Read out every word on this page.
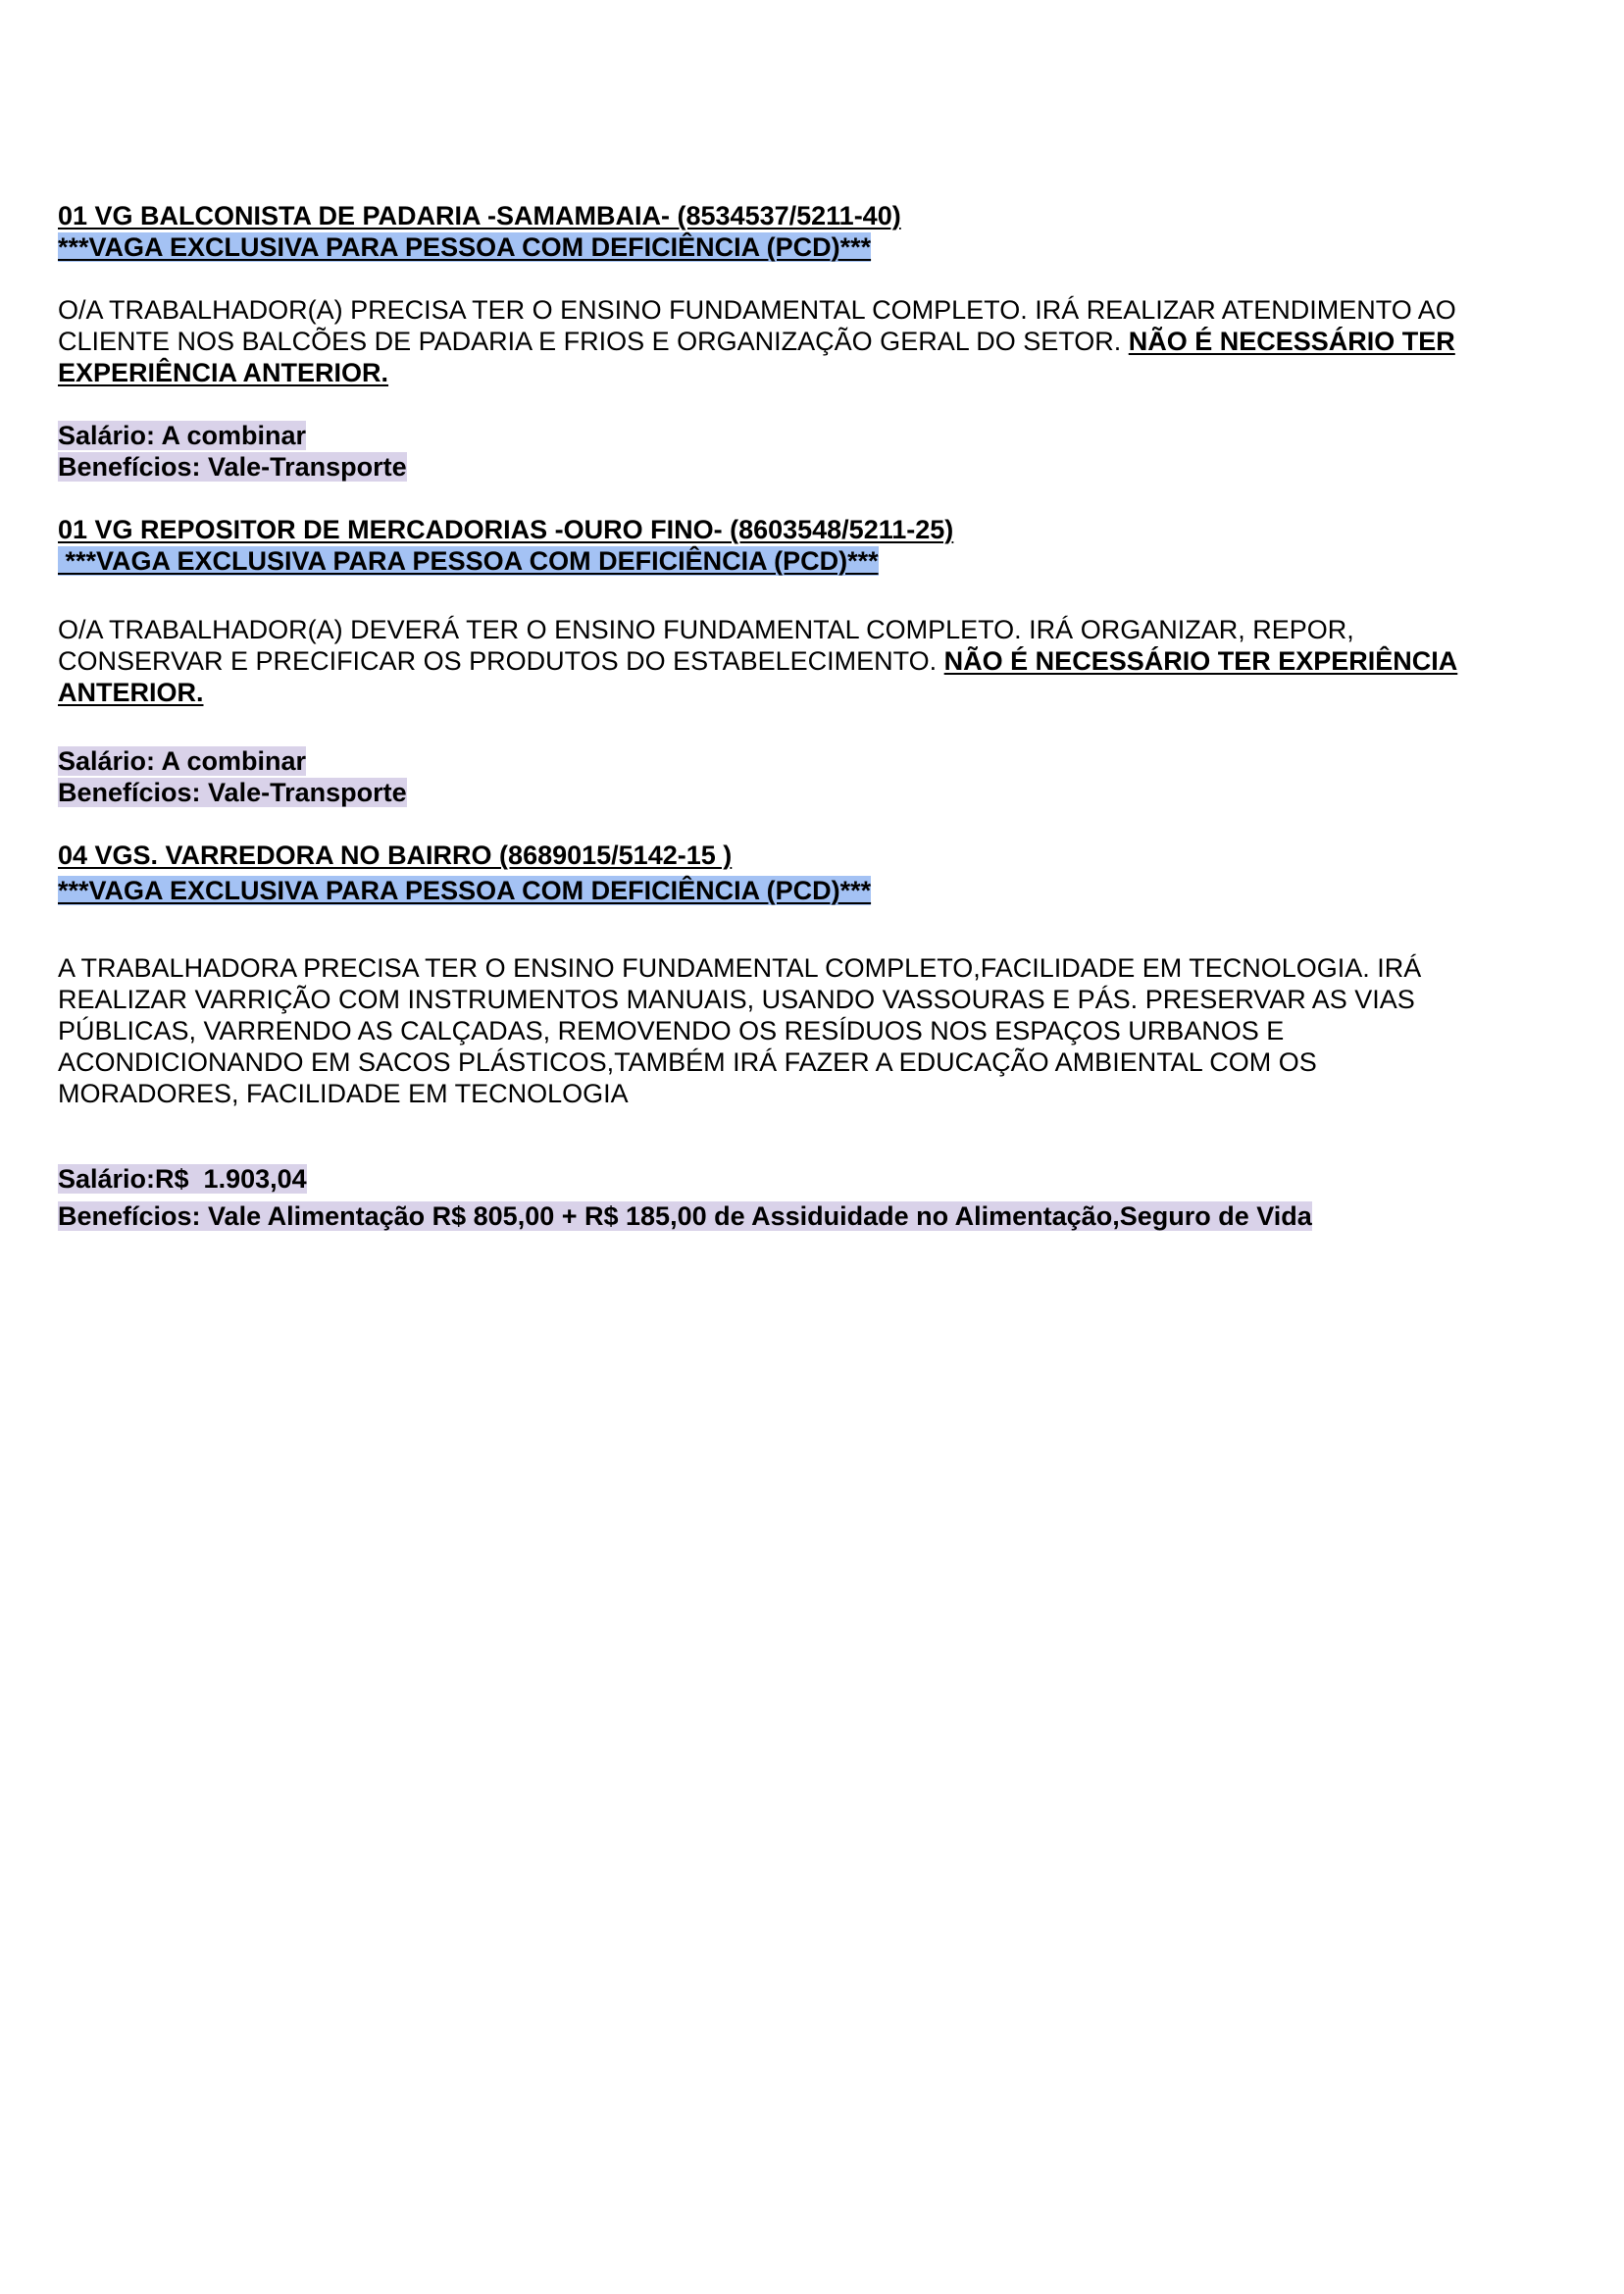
01 VG BALCONISTA DE PADARIA -SAMAMBAIA- (8534537/5211-40)
***VAGA EXCLUSIVA PARA PESSOA COM DEFICIÊNCIA (PCD)***
O/A TRABALHADOR(A) PRECISA TER O ENSINO FUNDAMENTAL COMPLETO. IRÁ REALIZAR ATENDIMENTO AO
CLIENTE NOS BALCÕES DE PADARIA E FRIOS E ORGANIZAÇÃO GERAL DO SETOR. NÃO É NECESSÁRIO TER
EXPERIÊNCIA ANTERIOR.
Salário: A combinar
Benefícios: Vale-Transporte
01 VG REPOSITOR DE MERCADORIAS -OURO FINO- (8603548/5211-25)
***VAGA EXCLUSIVA PARA PESSOA COM DEFICIÊNCIA (PCD)***
O/A TRABALHADOR(A) DEVERÁ TER O ENSINO FUNDAMENTAL COMPLETO. IRÁ ORGANIZAR, REPOR,
CONSERVAR E PRECIFICAR OS PRODUTOS DO ESTABELECIMENTO. NÃO É NECESSÁRIO TER EXPERIÊNCIA
ANTERIOR.
Salário: A combinar
Benefícios: Vale-Transporte
04 VGS. VARREDORA NO BAIRRO (8689015/5142-15 )
***VAGA EXCLUSIVA PARA PESSOA COM DEFICIÊNCIA (PCD)***
A TRABALHADORA PRECISA TER O ENSINO FUNDAMENTAL COMPLETO,FACILIDADE EM TECNOLOGIA. IRÁ
REALIZAR VARRIÇÃO COM INSTRUMENTOS MANUAIS, USANDO VASSOURAS E PÁS. PRESERVAR AS VIAS
PÚBLICAS, VARRENDO AS CALÇADAS, REMOVENDO OS RESÍDUOS NOS ESPAÇOS URBANOS E
ACONDICIONANDO EM SACOS PLÁSTICOS,TAMBÉM IRÁ FAZER A EDUCAÇÃO AMBIENTAL COM OS
MORADORES, FACILIDADE EM TECNOLOGIA
Salário:R$  1.903,04
Benefícios: Vale Alimentação R$ 805,00 + R$ 185,00 de Assiduidade no Alimentação,Seguro de Vida
